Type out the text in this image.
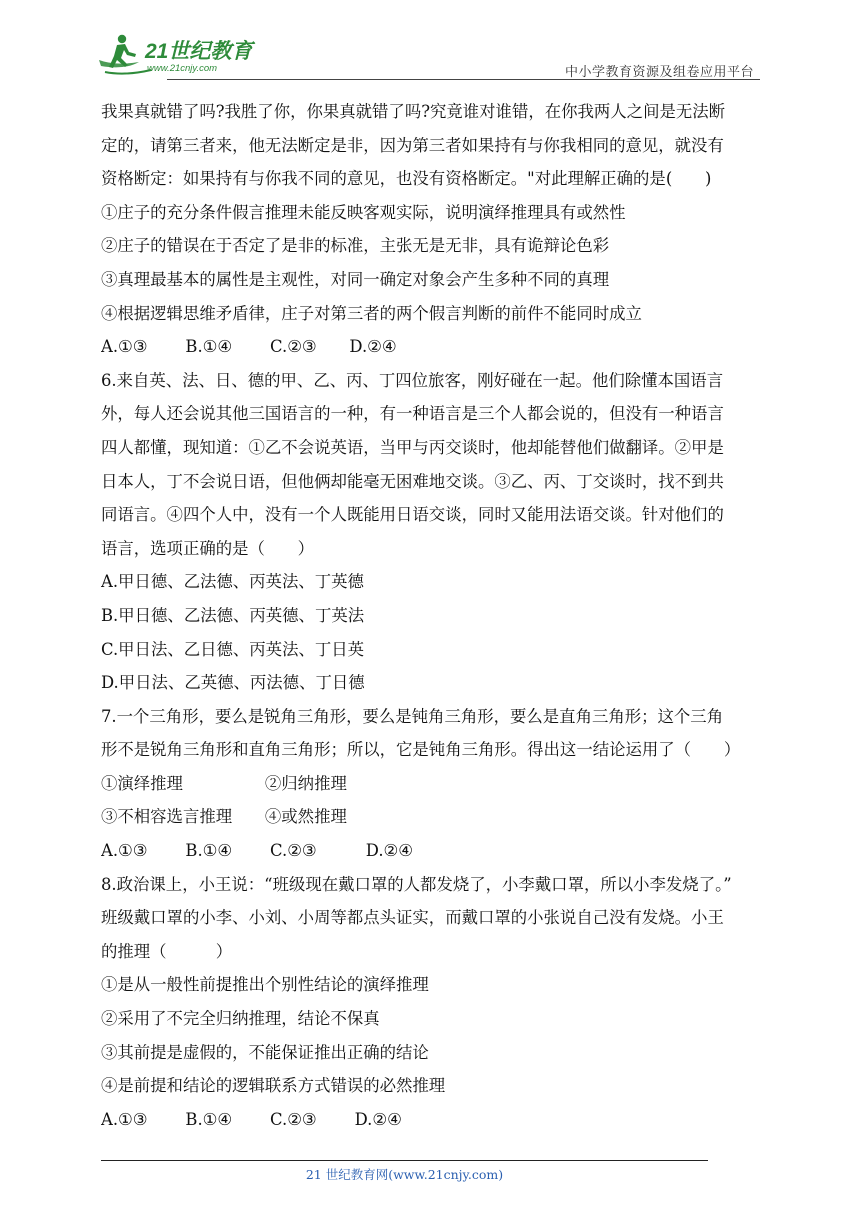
21世纪教育
www.21cnjy.com	中小学教育资源及组卷应用平台
我果真就错了吗?我胜了你，你果真就错了吗?究竟谁对谁错，在你我两人之间是无法断
定的，请第三者来，他无法断定是非，因为第三者如果持有与你我相同的意见，就没有
资格断定：如果持有与你我不同的意见，也没有资格断定。"对此理解正确的是(　　)
①庄子的充分条件假言推理未能反映客观实际，说明演绎推理具有或然性
②庄子的错误在于否定了是非的标准，主张无是无非，具有诡辩论色彩
③真理最基本的属性是主观性，对同一确定对象会产生多种不同的真理
④根据逻辑思维矛盾律，庄子对第三者的两个假言判断的前件不能同时成立
A.①③　　 B.①④　　 C.②③　　D.②④
6.来自英、法、日、德的甲、乙、丙、丁四位旅客，刚好碰在一起。他们除懂本国语言
外，每人还会说其他三国语言的一种，有一种语言是三个人都会说的，但没有一种语言
四人都懂，现知道：①乙不会说英语，当甲与丙交谈时，他却能替他们做翻译。②甲是
日本人，丁不会说日语，但他俩却能毫无困难地交谈。③乙、丙、丁交谈时，找不到共
同语言。④四个人中，没有一个人既能用日语交谈，同时又能用法语交谈。针对他们的
语言，选项正确的是（　　）
A.甲日德、乙法德、丙英法、丁英德
B.甲日德、乙法德、丙英德、丁英法
C.甲日法、乙日德、丙英法、丁日英
D.甲日法、乙英德、丙法德、丁日德
7.一个三角形，要么是锐角三角形，要么是钝角三角形，要么是直角三角形；这个三角
形不是锐角三角形和直角三角形；所以，它是钝角三角形。得出这一结论运用了（　　）
①演绎推理　　　　　②归纳推理
③不相容选言推理　　④或然推理
A.①③　　 B.①④　　 C.②③　　　D.②④
8.政治课上，小王说：“班级现在戴口罩的人都发烧了，小李戴口罩，所以小李发烧了。”
班级戴口罩的小李、小刘、小周等都点头证实，而戴口罩的小张说自己没有发烧。小王
的推理（　　　）
①是从一般性前提推出个别性结论的演绎推理
②采用了不完全归纳推理，结论不保真
③其前提是虚假的，不能保证推出正确的结论
④是前提和结论的逻辑联系方式错误的必然推理
A.①③　　 B.①④　　 C.②③　　 D.②④
21 世纪教育网(www.21cnjy.com)
